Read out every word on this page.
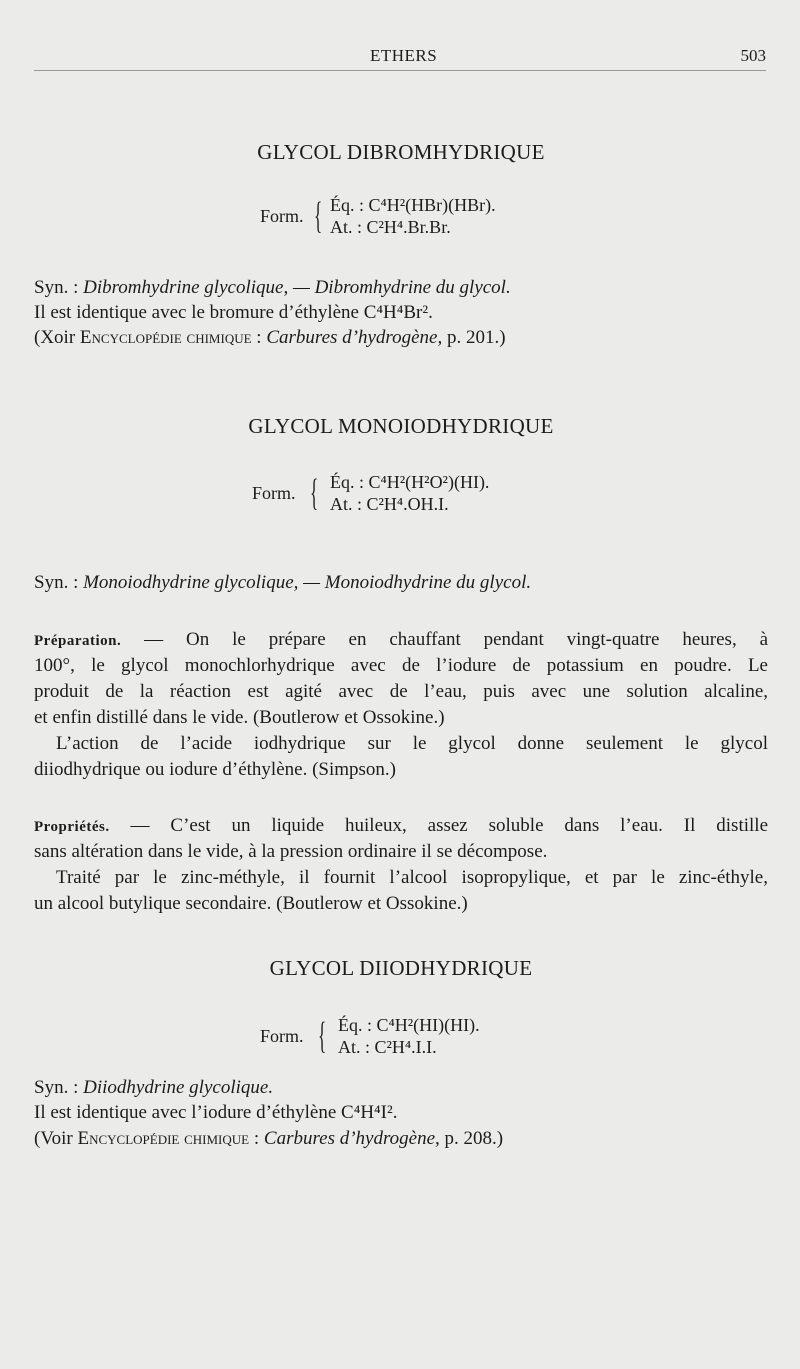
ETHERS	503
GLYCOL DIBROMHYDRIQUE
Form. { Éq. : C⁴H²(HBr)(HBr).
At. : C²H⁴.Br.Br.
Syn. : Dibromhydrine glycolique, — Dibromhydrine du glycol.
Il est identique avec le bromure d’éthylène C⁴H⁴Br².
(Xoir Encyclopédie chimique : Carbures d’hydrogène, p. 201.)
GLYCOL MONOIODHYDRIQUE
Form. { Éq. : C⁴H²(H²O²)(HI).
At. : C²H⁴.OH.I.
Syn. : Monoiodhydrine glycolique, — Monoiodhydrine du glycol.
Préparation. — On le prépare en chauffant pendant vingt-quatre heures, à
100°, le glycol monochlorhydrique avec de l’iodure de potassium en poudre. Le
produit de la réaction est agité avec de l’eau, puis avec une solution alcaline,
et enfin distillé dans le vide. (Boutlerow et Ossokine.)
L’action de l’acide iodhydrique sur le glycol donne seulement le glycol
diiodhydrique ou iodure d’éthylène. (Simpson.)
Propriétés. — C’est un liquide huileux, assez soluble dans l’eau. Il distille
sans altération dans le vide, à la pression ordinaire il se décompose.
Traité par le zinc-méthyle, il fournit l’alcool isopropylique, et par le zinc-éthyle,
un alcool butylique secondaire. (Boutlerow et Ossokine.)
GLYCOL DIIODHYDRIQUE
Form. { Éq. : C⁴H²(HI)(HI).
At. : C²H⁴.I.I.
Syn. : Diiodhydrine glycolique.
Il est identique avec l’iodure d’éthylène C⁴H⁴I².
(Voir Encyclopédie chimique : Carbures d’hydrogène, p. 208.)
